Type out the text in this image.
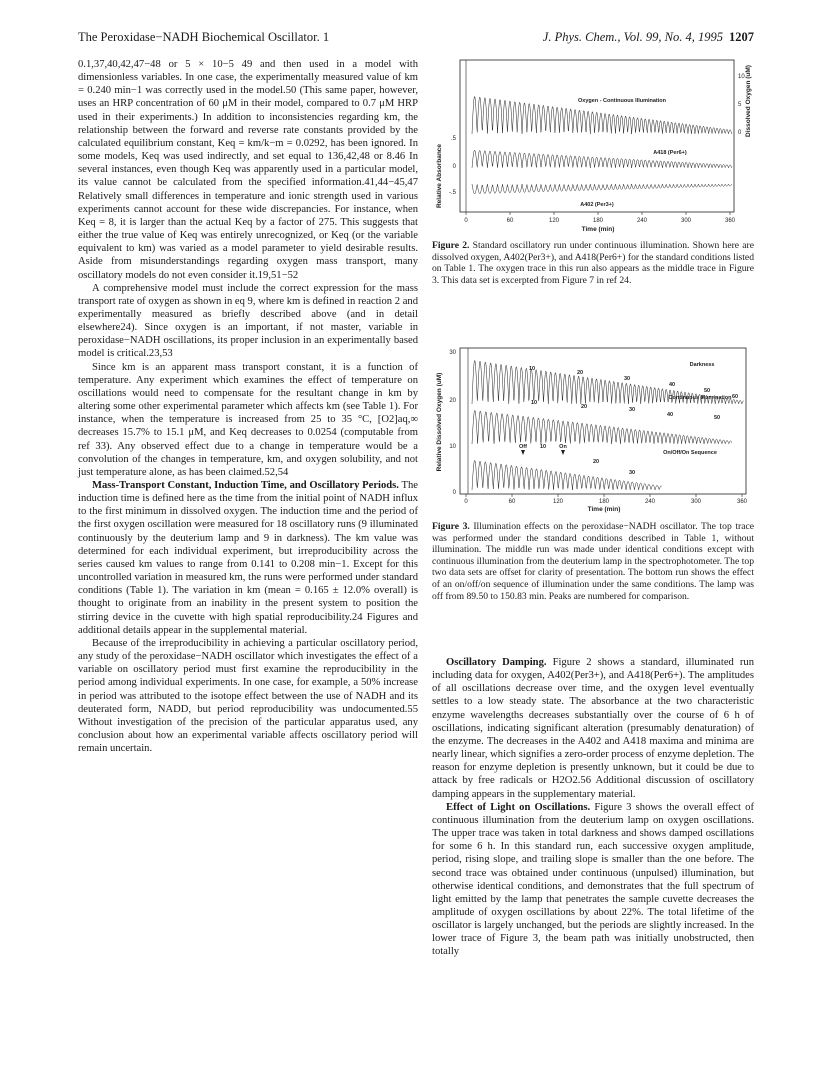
The Peroxidase−NADH Biochemical Oscillator. 1	J. Phys. Chem., Vol. 99, No. 4, 1995 1207

0.1,37,40,42,47−48 or 5 × 10−5 49 and then used in a model with dimensionless variables. In one case, the experimentally measured value of km = 0.240 min−1 was correctly used in the model.50 (This same paper, however, uses an HRP concentration of 60 μM in their model, compared to 0.7 μM HRP used in their experiments.) In addition to inconsistencies regarding km, the relationship between the forward and reverse rate constants provided by the calculated equilibrium constant, Keq = km/k−m = 0.0292, has been ignored. In some models, Keq was used indirectly, and set equal to 136,42,48 or 8.46 In several instances, even though Keq was apparently used in a particular model, its value cannot be calculated from the specified information.41,44−45,47 Relatively small differences in temperature and ionic strength used in various experiments cannot account for these wide discrepancies. For instance, when Keq = 8, it is larger than the actual Keq by a factor of 275. This suggests that either the true value of Keq was entirely unrecognized, or Keq (or the variable equivalent to km) was varied as a model parameter to yield desirable results. Aside from misunderstandings regarding oxygen mass transport, many oscillatory models do not even consider it.19,51−52

A comprehensive model must include the correct expression for the mass transport rate of oxygen as shown in eq 9, where km is defined in reaction 2 and experimentally measured as briefly described above (and in detail elsewhere24). Since oxygen is an important, if not master, variable in peroxidase−NADH oscillations, its proper inclusion in an experimentally based model is critical.23,53

Since km is an apparent mass transport constant, it is a function of temperature. Any experiment which examines the effect of temperature on oscillations would need to compensate for the resultant change in km by altering some other experimental parameter which affects km (see Table 1). For instance, when the temperature is increased from 25 to 35 °C, [O2]aq,∞ decreases 15.7% to 15.1 μM, and Keq decreases to 0.0254 (computable from ref 33). Any observed effect due to a change in temperature would be a convolution of the changes in temperature, km, and oxygen solubility, and not just temperature alone, as has been claimed.52,54

Mass-Transport Constant, Induction Time, and Oscillatory Periods. The induction time is defined here as the time from the initial point of NADH influx to the first minimum in dissolved oxygen. The induction time and the period of the first oxygen oscillation were measured for 18 oscillatory runs (9 illuminated continuously by the deuterium lamp and 9 in darkness). The km value was determined for each individual experiment, but irreproducibility across the series caused km values to range from 0.141 to 0.208 min−1. Except for this uncontrolled variation in measured km, the runs were performed under standard conditions (Table 1). The variation in km (mean = 0.165 ± 12.0% overall) is thought to originate from an inability in the present system to position the stirring device in the cuvette with high spatial reproducibility.24 Figures and additional details appear in the supplemental material.

Because of the irreproducibility in achieving a particular oscillatory period, any study of the peroxidase−NADH oscillator which investigates the effect of a variable on oscillatory period must first examine the reproducibility in the period among individual experiments. In one case, for example, a 50% increase in period was attributed to the isotope effect between the use of NADH and its deuterated form, NADD, but period reproducibility was undocumented.55 Without investigation of the precision of the particular apparatus used, any conclusion about how an experimental variable affects oscillatory period will remain uncertain.

0	60	120	180	240	300	360
Time (min)
.5
0
-.5
Relative Absorbance
10
5
0 Dissolved Oxygen (uM)
Oxygen - Continuous Illumination
A418 (Per6+)
A402 (Per3+)
Figure 2. Standard oscillatory run under continuous illumination. Shown here are dissolved oxygen, A402(Per3+), and A418(Per6+) for the standard conditions listed on Table 1. The oxygen trace in this run also appears as the middle trace in Figure 3. This data set is excerpted from Figure 7 in ref 24.
0	60	120	180	240	300	360
Time (min)
30
20
10
0
Relative Dissolved Oxygen (uM)
Darkness
Continuous Illumination
On/Off/On Sequence
Off	On
10
20
30
40
50
60
10
20	30
40	50
10
20
30
Figure 3. Illumination effects on the peroxidase−NADH oscillator. The top trace was performed under the standard conditions described in Table 1, without illumination. The middle run was made under identical conditions except with continuous illumination from the deuterium lamp in the spectrophotometer. The top two data sets are offset for clarity of presentation. The bottom run shows the effect of an on/off/on sequence of illumination under the same conditions. The lamp was off from 89.50 to 150.83 min. Peaks are numbered for comparison.

Oscillatory Damping. Figure 2 shows a standard, illuminated run including data for oxygen, A402(Per3+), and A418(Per6+). The amplitudes of all oscillations decrease over time, and the oxygen level eventually settles to a low steady state. The absorbance at the two characteristic enzyme wavelengths decreases substantially over the course of 6 h of oscillations, indicating significant alteration (presumably denaturation) of the enzyme. The decreases in the A402 and A418 maxima and minima are nearly linear, which signifies a zero-order process of enzyme depletion. The reason for enzyme depletion is presently unknown, but it could be due to attack by free radicals or H2O2.56 Additional discussion of oscillatory damping appears in the supplementary material.

Effect of Light on Oscillations. Figure 3 shows the overall effect of continuous illumination from the deuterium lamp on oxygen oscillations. The upper trace was taken in total darkness and shows damped oscillations for some 6 h. In this standard run, each successive oxygen amplitude, period, rising slope, and trailing slope is smaller than the one before. The second trace was obtained under continuous (unpulsed) illumination, but otherwise identical conditions, and demonstrates that the full spectrum of light emitted by the lamp that penetrates the sample cuvette decreases the amplitude of oxygen oscillations by about 22%. The total lifetime of the oscillator is largely unchanged, but the periods are slightly increased. In the lower trace of Figure 3, the beam path was initially unobstructed, then totally
